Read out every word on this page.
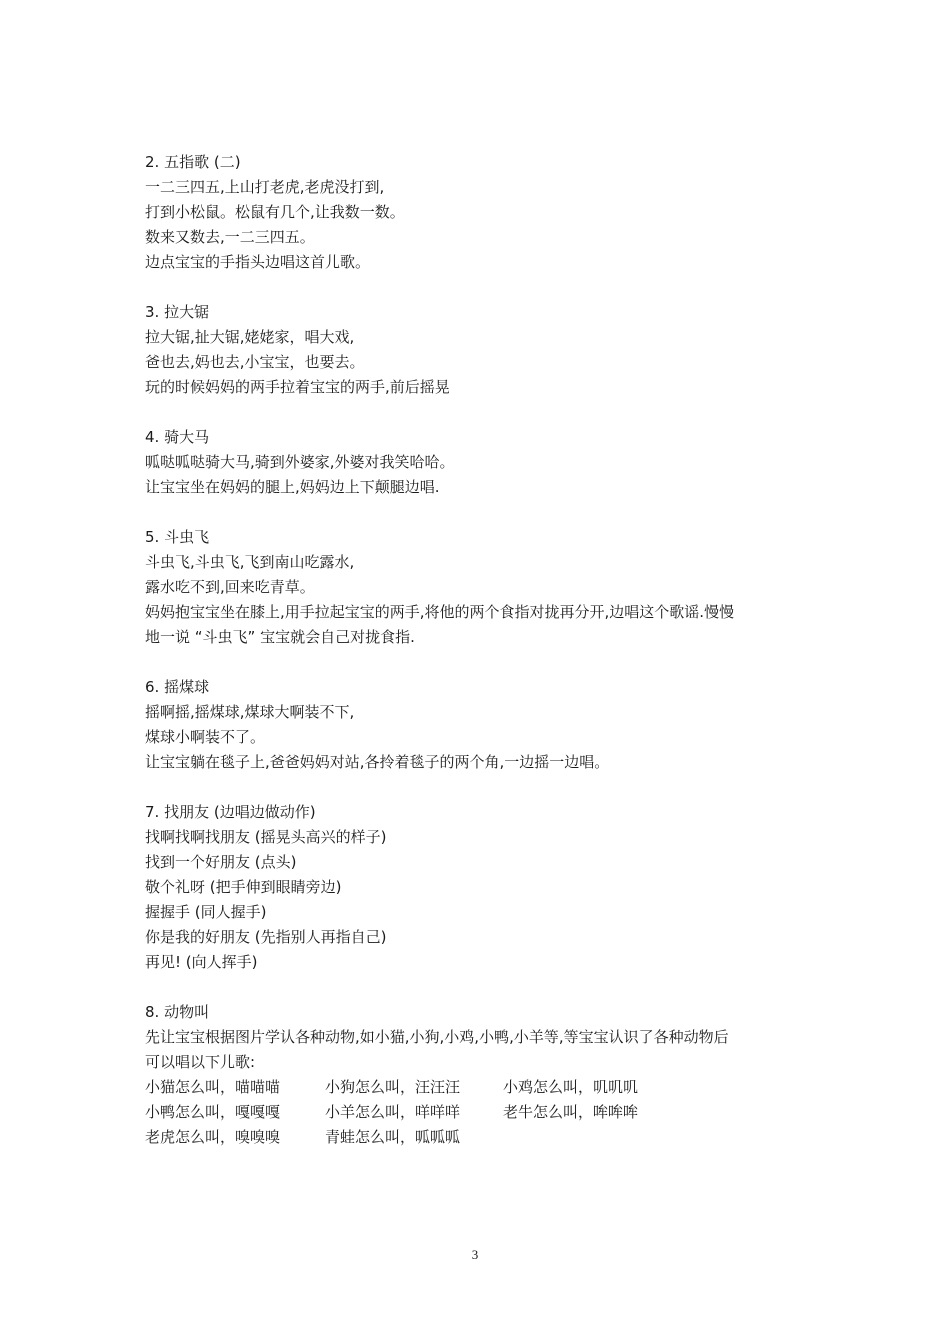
2. 五指歌 (二)

一二三四五,上山打老虎,老虎没打到,

打到小松鼠。松鼠有几个,让我数一数。

数来又数去,一二三四五。

边点宝宝的手指头边唱这首儿歌。

3. 拉大锯

拉大锯,扯大锯,姥姥家，唱大戏,

爸也去,妈也去,小宝宝，也要去。

玩的时候妈妈的两手拉着宝宝的两手,前后摇晃

4. 骑大马

呱哒呱哒骑大马,骑到外婆家,外婆对我笑哈哈。

让宝宝坐在妈妈的腿上,妈妈边上下颠腿边唱.

5. 斗虫飞

斗虫飞,斗虫飞,飞到南山吃露水,

露水吃不到,回来吃青草。

妈妈抱宝宝坐在膝上,用手拉起宝宝的两手,将他的两个食指对拢再分开,边唱这个歌谣.慢慢

地一说 “斗虫飞” 宝宝就会自己对拢食指.

6. 摇煤球

摇啊摇,摇煤球,煤球大啊装不下,

煤球小啊装不了。

让宝宝躺在毯子上,爸爸妈妈对站,各拎着毯子的两个角,一边摇一边唱。

7. 找朋友 (边唱边做动作)

找啊找啊找朋友 (摇晃头高兴的样子)

找到一个好朋友 (点头)

敬个礼呀 (把手伸到眼睛旁边)

握握手 (同人握手)

你是我的好朋友 (先指别人再指自己)

再见! (向人挥手)

8. 动物叫

先让宝宝根据图片学认各种动物,如小猫,小狗,小鸡,小鸭,小羊等,等宝宝认识了各种动物后

可以唱以下儿歌:

小猫怎么叫，喵喵喵	小狗怎么叫，汪汪汪	小鸡怎么叫，叽叽叽
小鸭怎么叫，嘎嘎嘎	小羊怎么叫，咩咩咩	老牛怎么叫，哞哞哞
老虎怎么叫，嗅嗅嗅	青蛙怎么叫，呱呱呱
3
